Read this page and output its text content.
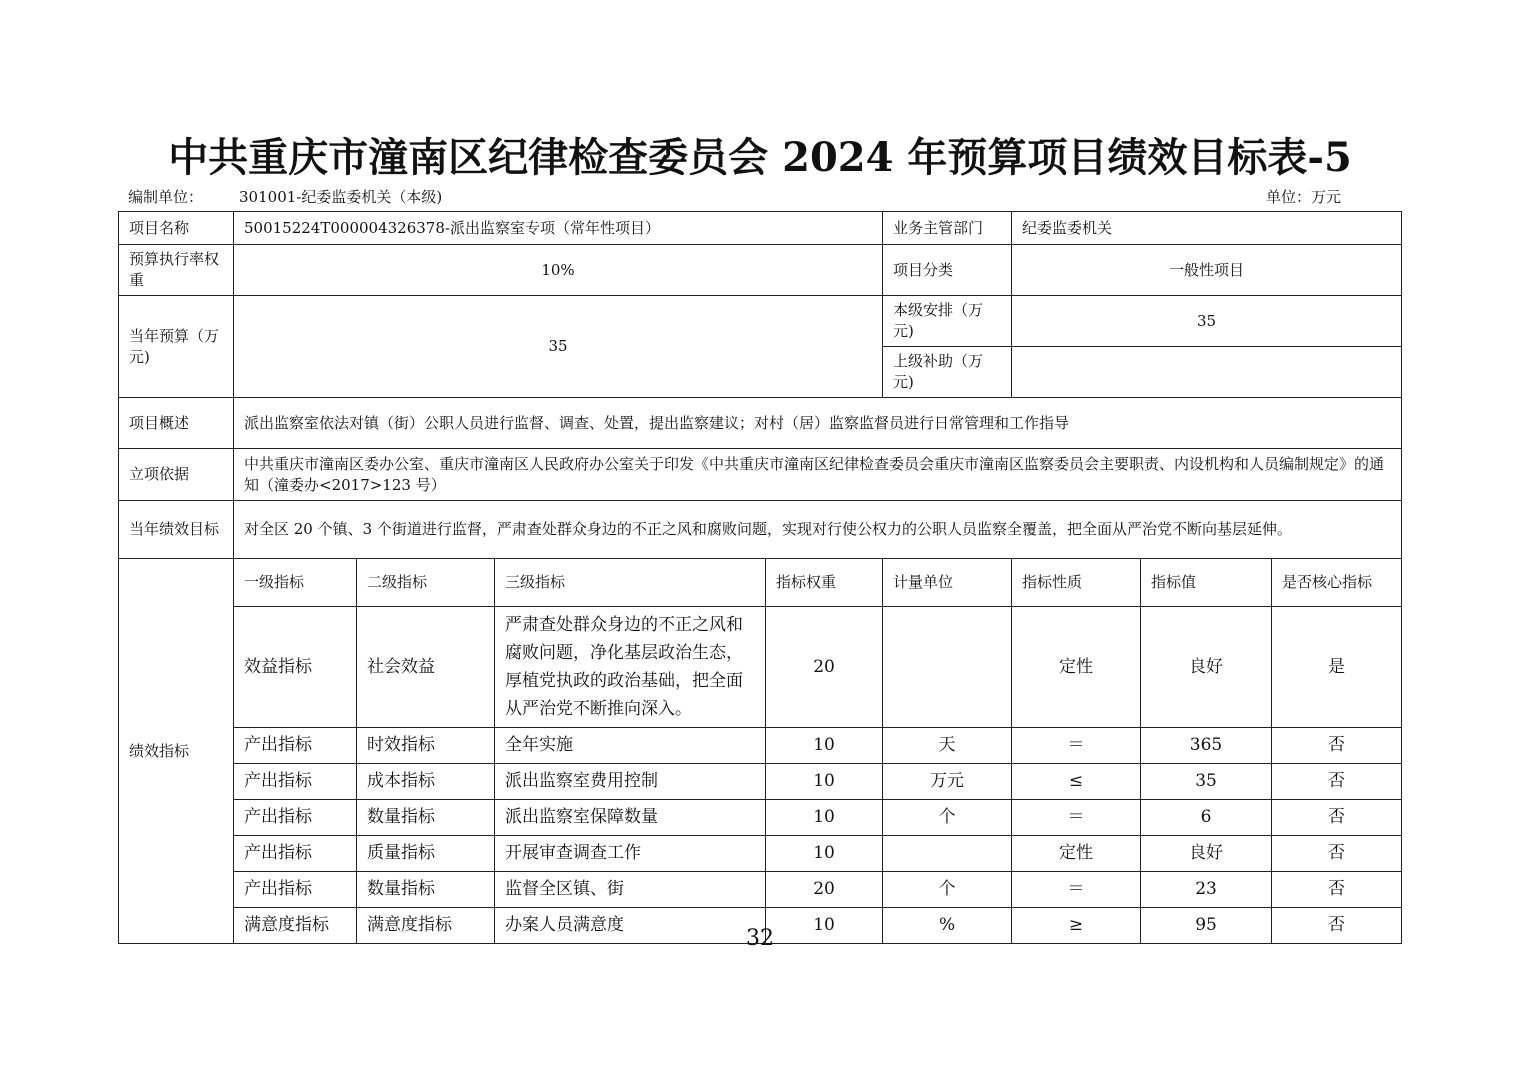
中共重庆市潼南区纪律检查委员会 2024 年预算项目绩效目标表-5
编制单位： 301001-纪委监委机关（本级)	单位：万元
项目名称	50015224T000004326378-派出监察室专项（常年性项目）				业务主管部门	纪委监委机关		
预算执行率权重	10%				项目分类	一般性项目		
当年预算（万元)	35				本级安排（万元)	35		
					上级补助（万元)			
项目概述	派出监察室依法对镇（街）公职人员进行监督、调查、处置，提出监察建议；对村（居）监察监督员进行日常管理和工作指导							
立项依据	中共重庆市潼南区委办公室、重庆市潼南区人民政府办公室关于印发《中共重庆市潼南区纪律检查委员会重庆市潼南区监察委员会主要职责、内设机构和人员编制规定》的通知（潼委办<2017>123 号）							
当年绩效目标	对全区 20 个镇、3 个街道进行监督，严肃查处群众身边的不正之风和腐败问题，实现对行使公权力的公职人员监察全覆盖，把全面从严治党不断向基层延伸。							
绩效指标	一级指标	二级指标	三级指标	指标权重	计量单位	指标性质	指标值	是否核心指标
	效益指标	社会效益	严肃查处群众身边的不正之风和腐败问题，净化基层政治生态，厚植党执政的政治基础，把全面从严治党不断推向深入。	20		定性	良好	是
	产出指标	时效指标	全年实施	10	天	＝	365	否
	产出指标	成本指标	派出监察室费用控制	10	万元	≤	35	否
	产出指标	数量指标	派出监察室保障数量	10	个	＝	6	否
	产出指标	质量指标	开展审查调查工作	10		定性	良好	否
	产出指标	数量指标	监督全区镇、街	20	个	＝	23	否
	满意度指标	满意度指标	办案人员满意度	10	%	≥	95	否
32
